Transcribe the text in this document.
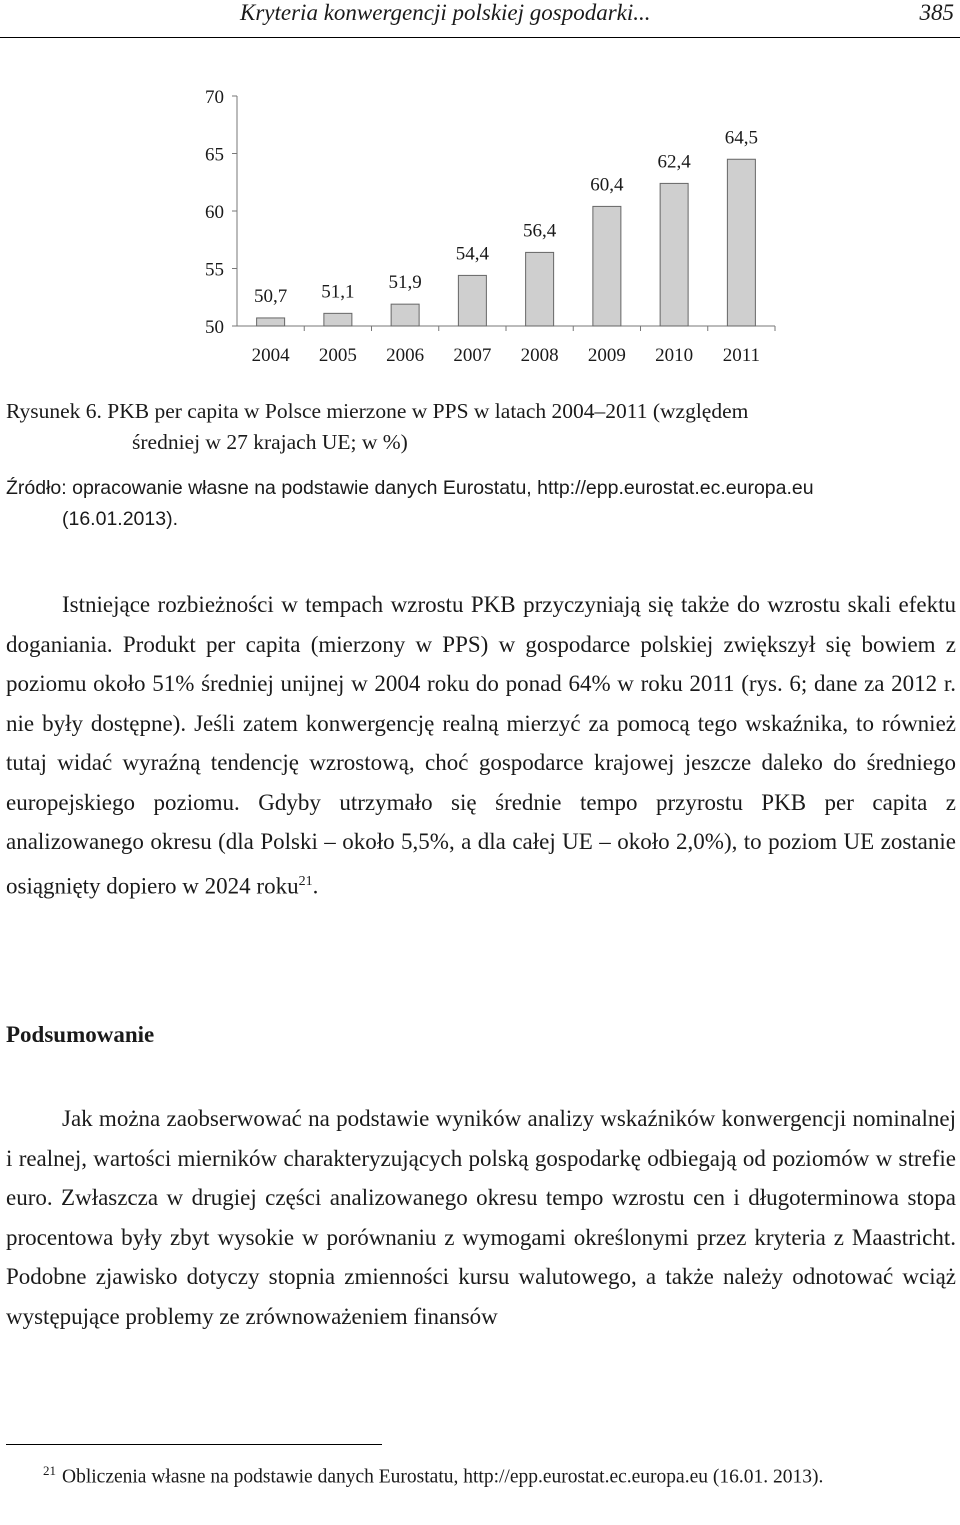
Kryteria konwergencji polskiej gospodarki...	385
50
55
60
65
70
50,7
2004
51,1
2005
51,9
2006
54,4
2007
56,4
2008
60,4
2009
62,4
2010
64,5
2011
Rysunek 6. PKB per capita w Polsce mierzone w PPS w latach 2004–2011 (względem
średniej w 27 krajach UE; w %)
Źródło: opracowanie własne na podstawie danych Eurostatu, http://epp.eurostat.ec.europa.eu
(16.01.2013).

Istniejące rozbieżności w tempach wzrostu PKB przyczyniają się także do wzrostu skali efektu doganiania. Produkt per capita (mierzony w PPS) w gospodarce polskiej zwiększył się bowiem z poziomu około 51% średniej unijnej w 2004 roku do ponad 64% w roku 2011 (rys. 6; dane za 2012 r. nie były dostępne). Jeśli zatem konwergencję realną mierzyć za pomocą tego wskaźnika, to również tutaj widać wyraźną tendencję wzrostową, choć gospodarce krajowej jeszcze daleko do średniego europejskiego poziomu. Gdyby utrzymało się średnie tempo przyrostu PKB per capita z analizowanego okresu (dla Polski – około 5,5%, a dla całej UE – około 2,0%), to poziom UE zostanie osiągnięty dopiero w 2024 roku$^{21}$.

Podsumowanie

Jak można zaobserwować na podstawie wyników analizy wskaźników konwergencji nominalnej i realnej, wartości mierników charakteryzujących polską gospodarkę odbiegają od poziomów w strefie euro. Zwłaszcza w drugiej części analizowanego okresu tempo wzrostu cen i długoterminowa stopa procentowa były zbyt wysokie w porównaniu z wymogami określonymi przez kryteria z Maastricht. Podobne zjawisko dotyczy stopnia zmienności kursu walutowego, a także należy odnotować wciąż występujące problemy ze zrównoważeniem finansów

$^{21}$ Obliczenia własne na podstawie danych Eurostatu, http://epp.eurostat.ec.europa.eu (16.01. 2013).
